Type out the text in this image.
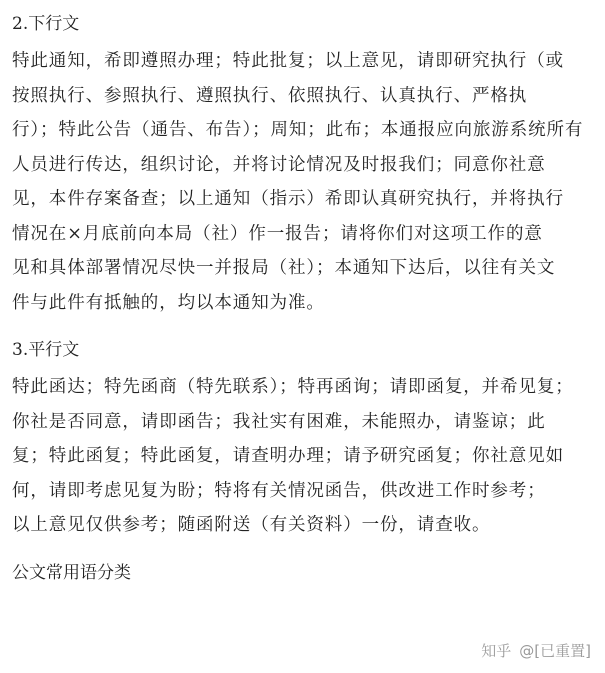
2.下行文
特此通知，希即遵照办理；特此批复；以上意见，请即研究执行（或
按照执行、参照执行、遵照执行、依照执行、认真执行、严格执
行）；特此公告（通告、布告）；周知；此布；本通报应向旅游系统所有
人员进行传达，组织讨论，并将讨论情况及时报我们；同意你社意
见，本件存案备查；以上通知（指示）希即认真研究执行，并将执行
情况在×月底前向本局（社）作一报告；请将你们对这项工作的意
见和具体部署情况尽快一并报局（社）；本通知下达后，以往有关文
件与此件有抵触的，均以本通知为准。
3.平行文
特此函达；特先函商（特先联系）；特再函询；请即函复，并希见复；
你社是否同意，请即函告；我社实有困难，未能照办，请鉴谅；此
复；特此函复；特此函复，请查明办理；请予研究函复；你社意见如
何，请即考虑见复为盼；特将有关情况函告，供改进工作时参考；
以上意见仅供参考；随函附送（有关资料）一份，请查收。
公文常用语分类
知乎 @[已重置]
